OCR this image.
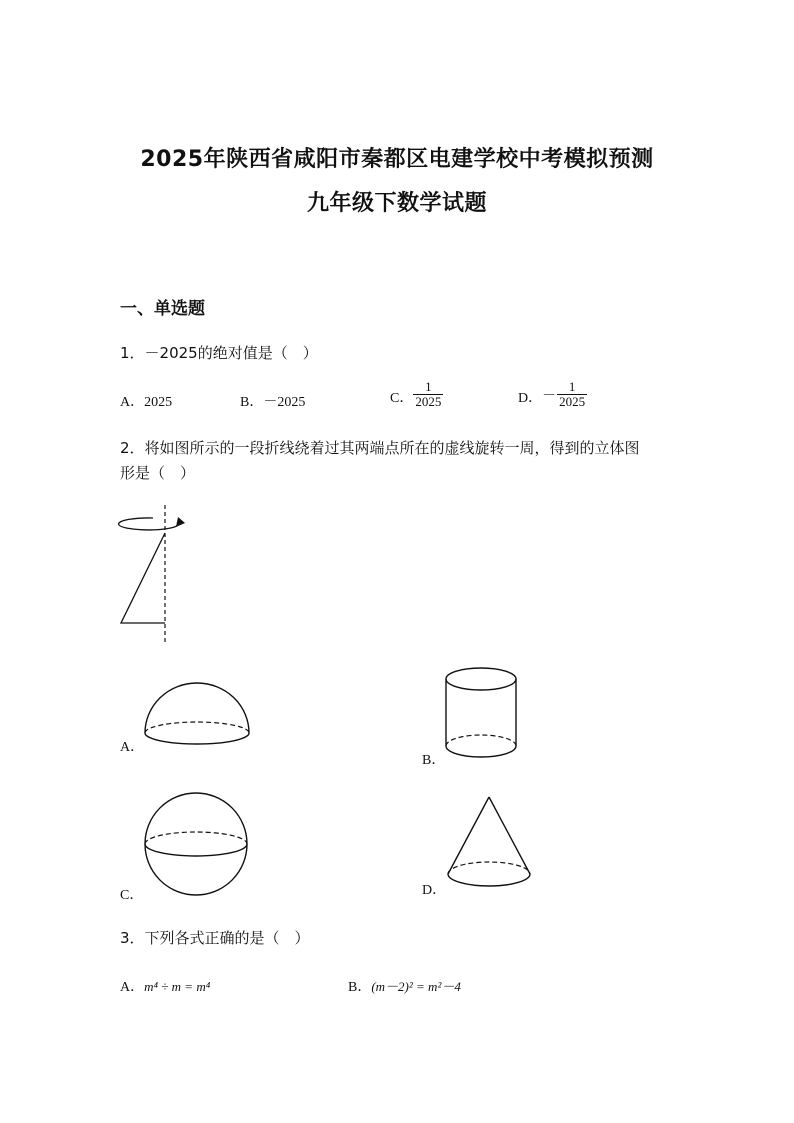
2025年陕西省咸阳市秦都区电建学校中考模拟预测
九年级下数学试题
一、单选题
1．－2025的绝对值是（　）
A．2025	B．－2025	C． $\frac{1}{2025}$	D． － $\frac{1}{2025}$
2．将如图所示的一段折线绕着过其两端点所在的虚线旋转一周，得到的立体图
形是（　）
A．
B．
C．	D．
3．下列各式正确的是（　）
A．m⁴ ÷ m = m⁴	B．(m－2)² = m²－4
